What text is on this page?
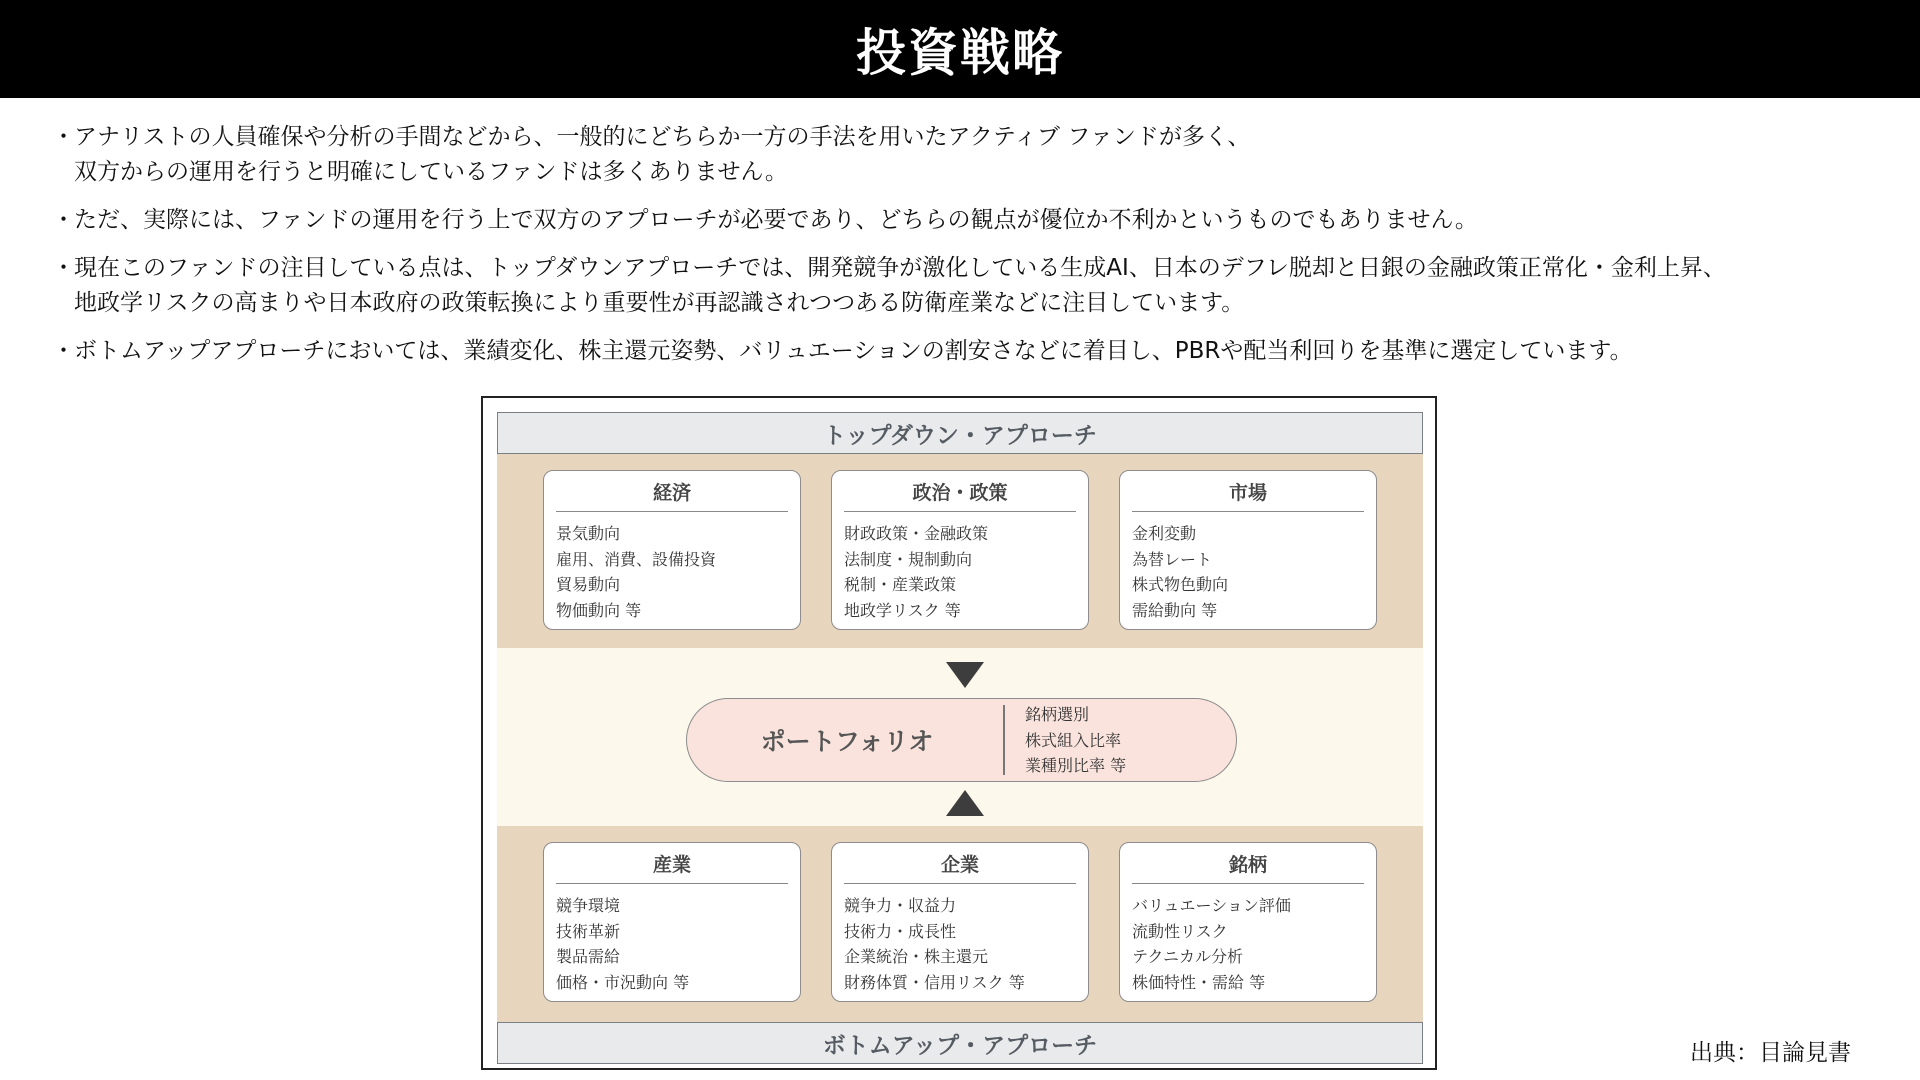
投資戦略
・ アナリストの人員確保や分析の手間などから、一般的にどちらか一方の手法を用いたアクティブ ファンドが多く、
双方からの運用を行うと明確にしているファンドは多くありません。
・ ただ、実際には、ファンドの運用を行う上で双方のアプローチが必要であり、どちらの観点が優位か不利かというものでもありません。
・ 現在このファンドの注目している点は、トップダウンアプローチでは、開発競争が激化している生成AI、日本のデフレ脱却と日銀の金融政策正常化・金利上昇、
地政学リスクの高まりや日本政府の政策転換により重要性が再認識されつつある防衛産業などに注目しています。
・ ボトムアップアプローチにおいては、業績変化、株主還元姿勢、バリュエーションの割安さなどに着目し、PBRや配当利回りを基準に選定しています。
トップダウン・アプローチ
経済
景気動向
雇用、消費、設備投資
貿易動向
物価動向 等
政治・政策
財政政策・金融政策
法制度・規制動向
税制・産業政策
地政学リスク 等
市場
金利変動
為替レート
株式物色動向
需給動向 等
ポートフォリオ
銘柄選別
株式組入比率
業種別比率 等
産業
競争環境
技術革新
製品需給
価格・市況動向 等
企業
競争力・収益力
技術力・成長性
企業統治・株主還元
財務体質・信用リスク 等
銘柄
バリュエーション評価
流動性リスク
テクニカル分析
株価特性・需給 等
ボトムアップ・アプローチ	出典：目論見書
